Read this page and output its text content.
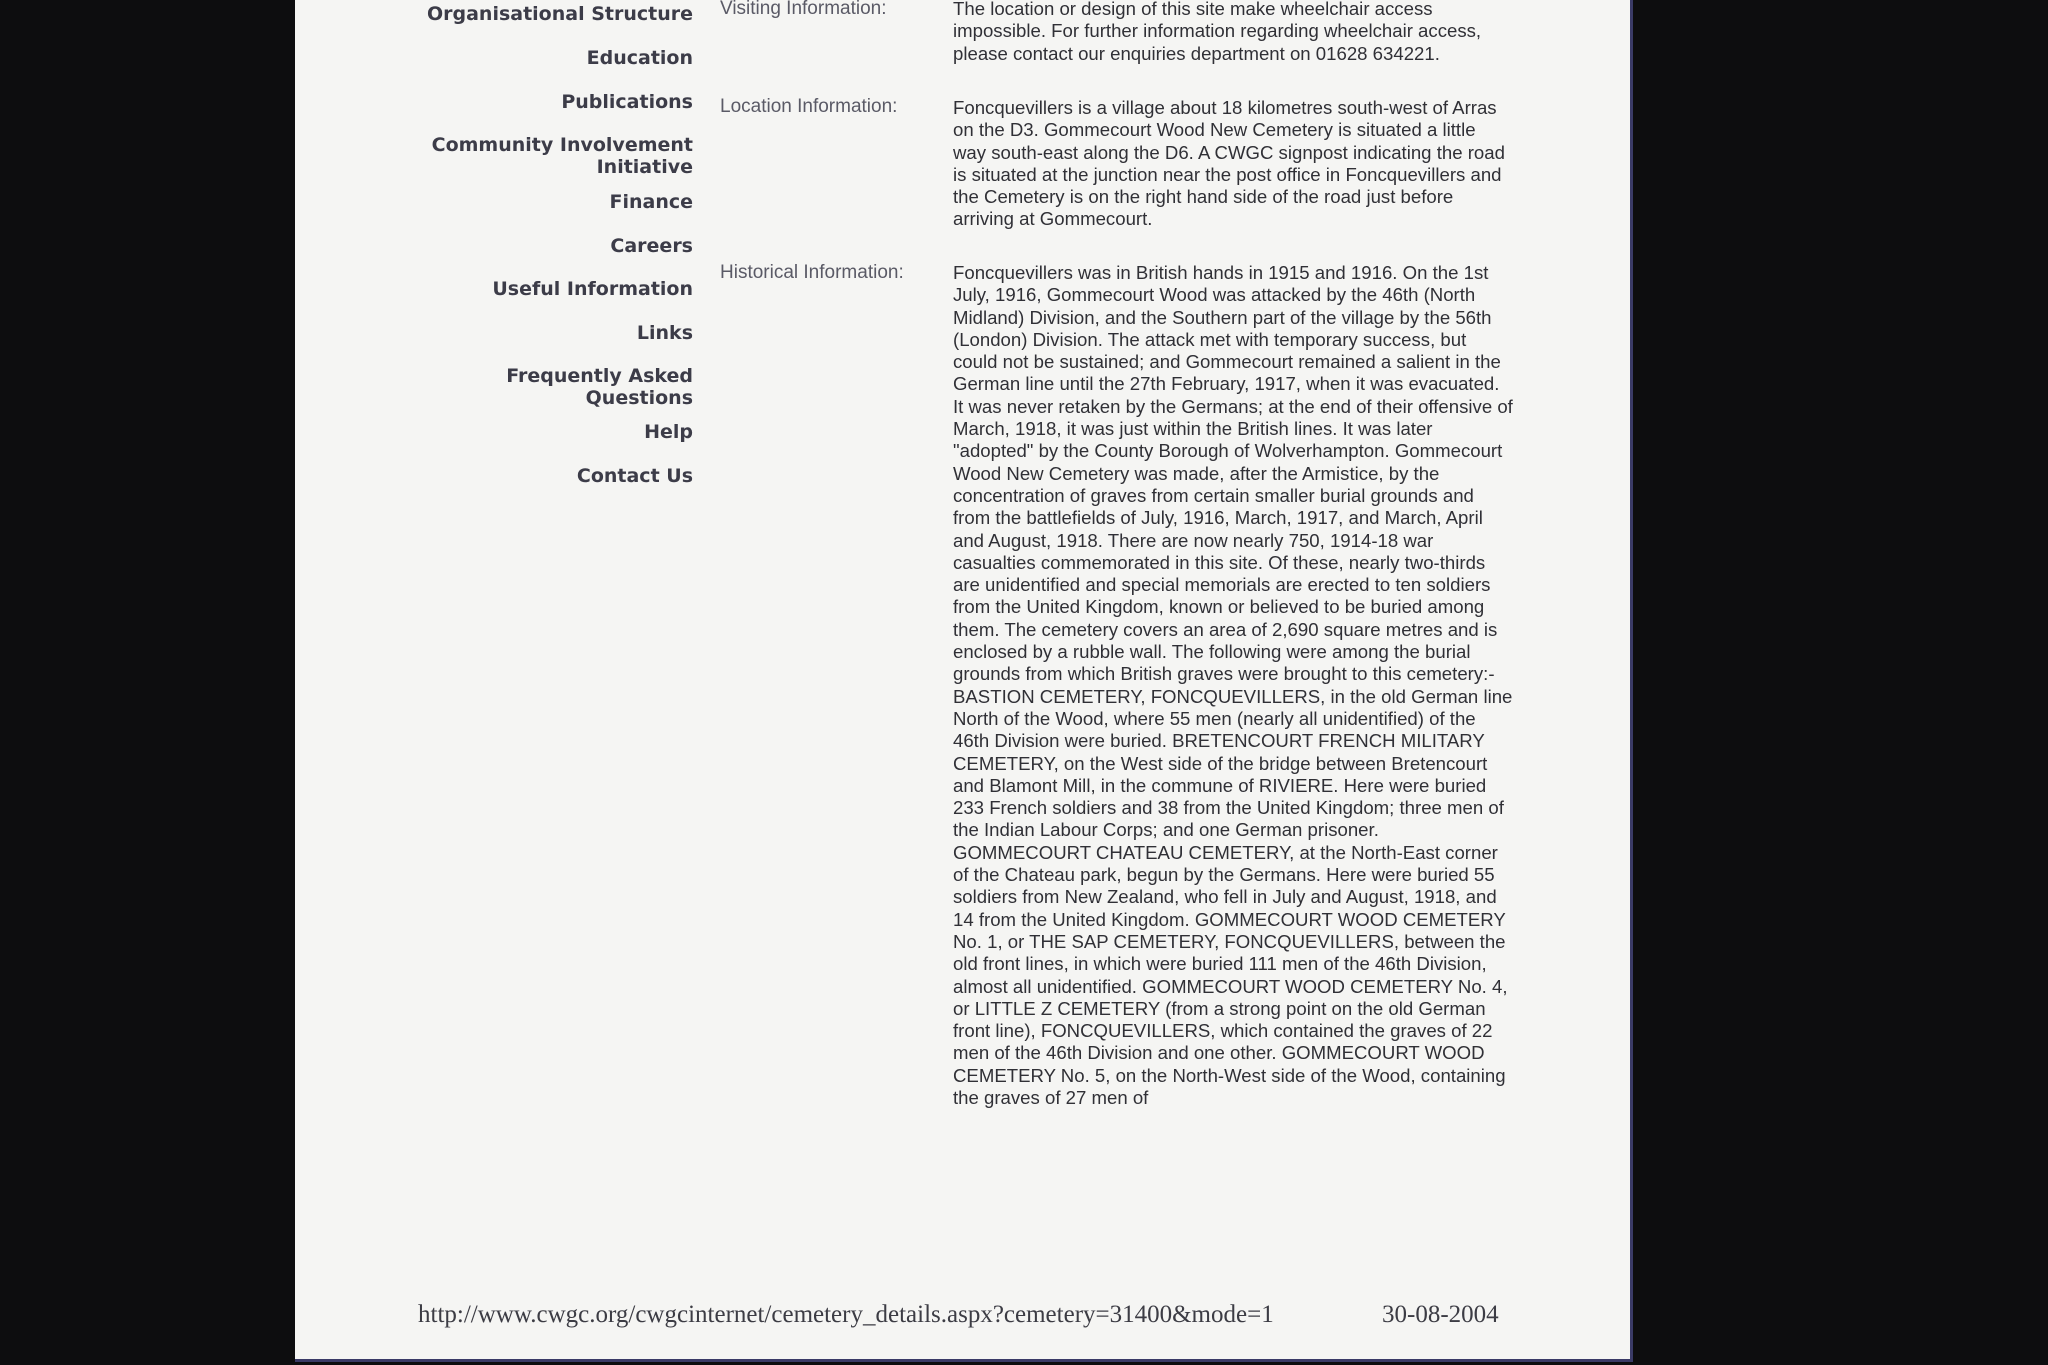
Organisational Structure
Education
Publications
Community Involvement Initiative
Finance
Careers
Useful Information
Links
Frequently Asked Questions
Help
Contact Us
Visiting Information:	The location or design of this site make wheelchair access impossible. For further information regarding wheelchair access, please contact our enquiries department on 01628 634221.
Location Information:	Foncquevillers is a village about 18 kilometres south-west of Arras on the D3. Gommecourt Wood New Cemetery is situated a little way south-east along the D6. A CWGC signpost indicating the road is situated at the junction near the post office in Foncquevillers and the Cemetery is on the right hand side of the road just before arriving at Gommecourt.
Historical Information:	Foncquevillers was in British hands in 1915 and 1916. On the 1st July, 1916, Gommecourt Wood was attacked by the 46th (North Midland) Division, and the Southern part of the village by the 56th (London) Division. The attack met with temporary success, but could not be sustained; and Gommecourt remained a salient in the German line until the 27th February, 1917, when it was evacuated. It was never retaken by the Germans; at the end of their offensive of March, 1918, it was just within the British lines. It was later "adopted" by the County Borough of Wolverhampton. Gommecourt Wood New Cemetery was made, after the Armistice, by the concentration of graves from certain smaller burial grounds and from the battlefields of July, 1916, March, 1917, and March, April and August, 1918. There are now nearly 750, 1914-18 war casualties commemorated in this site. Of these, nearly two-thirds are unidentified and special memorials are erected to ten soldiers from the United Kingdom, known or believed to be buried among them. The cemetery covers an area of 2,690 square metres and is enclosed by a rubble wall. The following were among the burial grounds from which British graves were brought to this cemetery:- BASTION CEMETERY, FONCQUEVILLERS, in the old German line North of the Wood, where 55 men (nearly all unidentified) of the 46th Division were buried. BRETENCOURT FRENCH MILITARY CEMETERY, on the West side of the bridge between Bretencourt and Blamont Mill, in the commune of RIVIERE. Here were buried 233 French soldiers and 38 from the United Kingdom; three men of the Indian Labour Corps; and one German prisoner. GOMMECOURT CHATEAU CEMETERY, at the North-East corner of the Chateau park, begun by the Germans. Here were buried 55 soldiers from New Zealand, who fell in July and August, 1918, and 14 from the United Kingdom. GOMMECOURT WOOD CEMETERY No. 1, or THE SAP CEMETERY, FONCQUEVILLERS, between the old front lines, in which were buried 111 men of the 46th Division, almost all unidentified. GOMMECOURT WOOD CEMETERY No. 4, or LITTLE Z CEMETERY (from a strong point on the old German front line), FONCQUEVILLERS, which contained the graves of 22 men of the 46th Division and one other. GOMMECOURT WOOD CEMETERY No. 5, on the North-West side of the Wood, containing the graves of 27 men of
http://www.cwgc.org/cwgcinternet/cemetery_details.aspx?cemetery=31400&mode=1	30-08-2004
